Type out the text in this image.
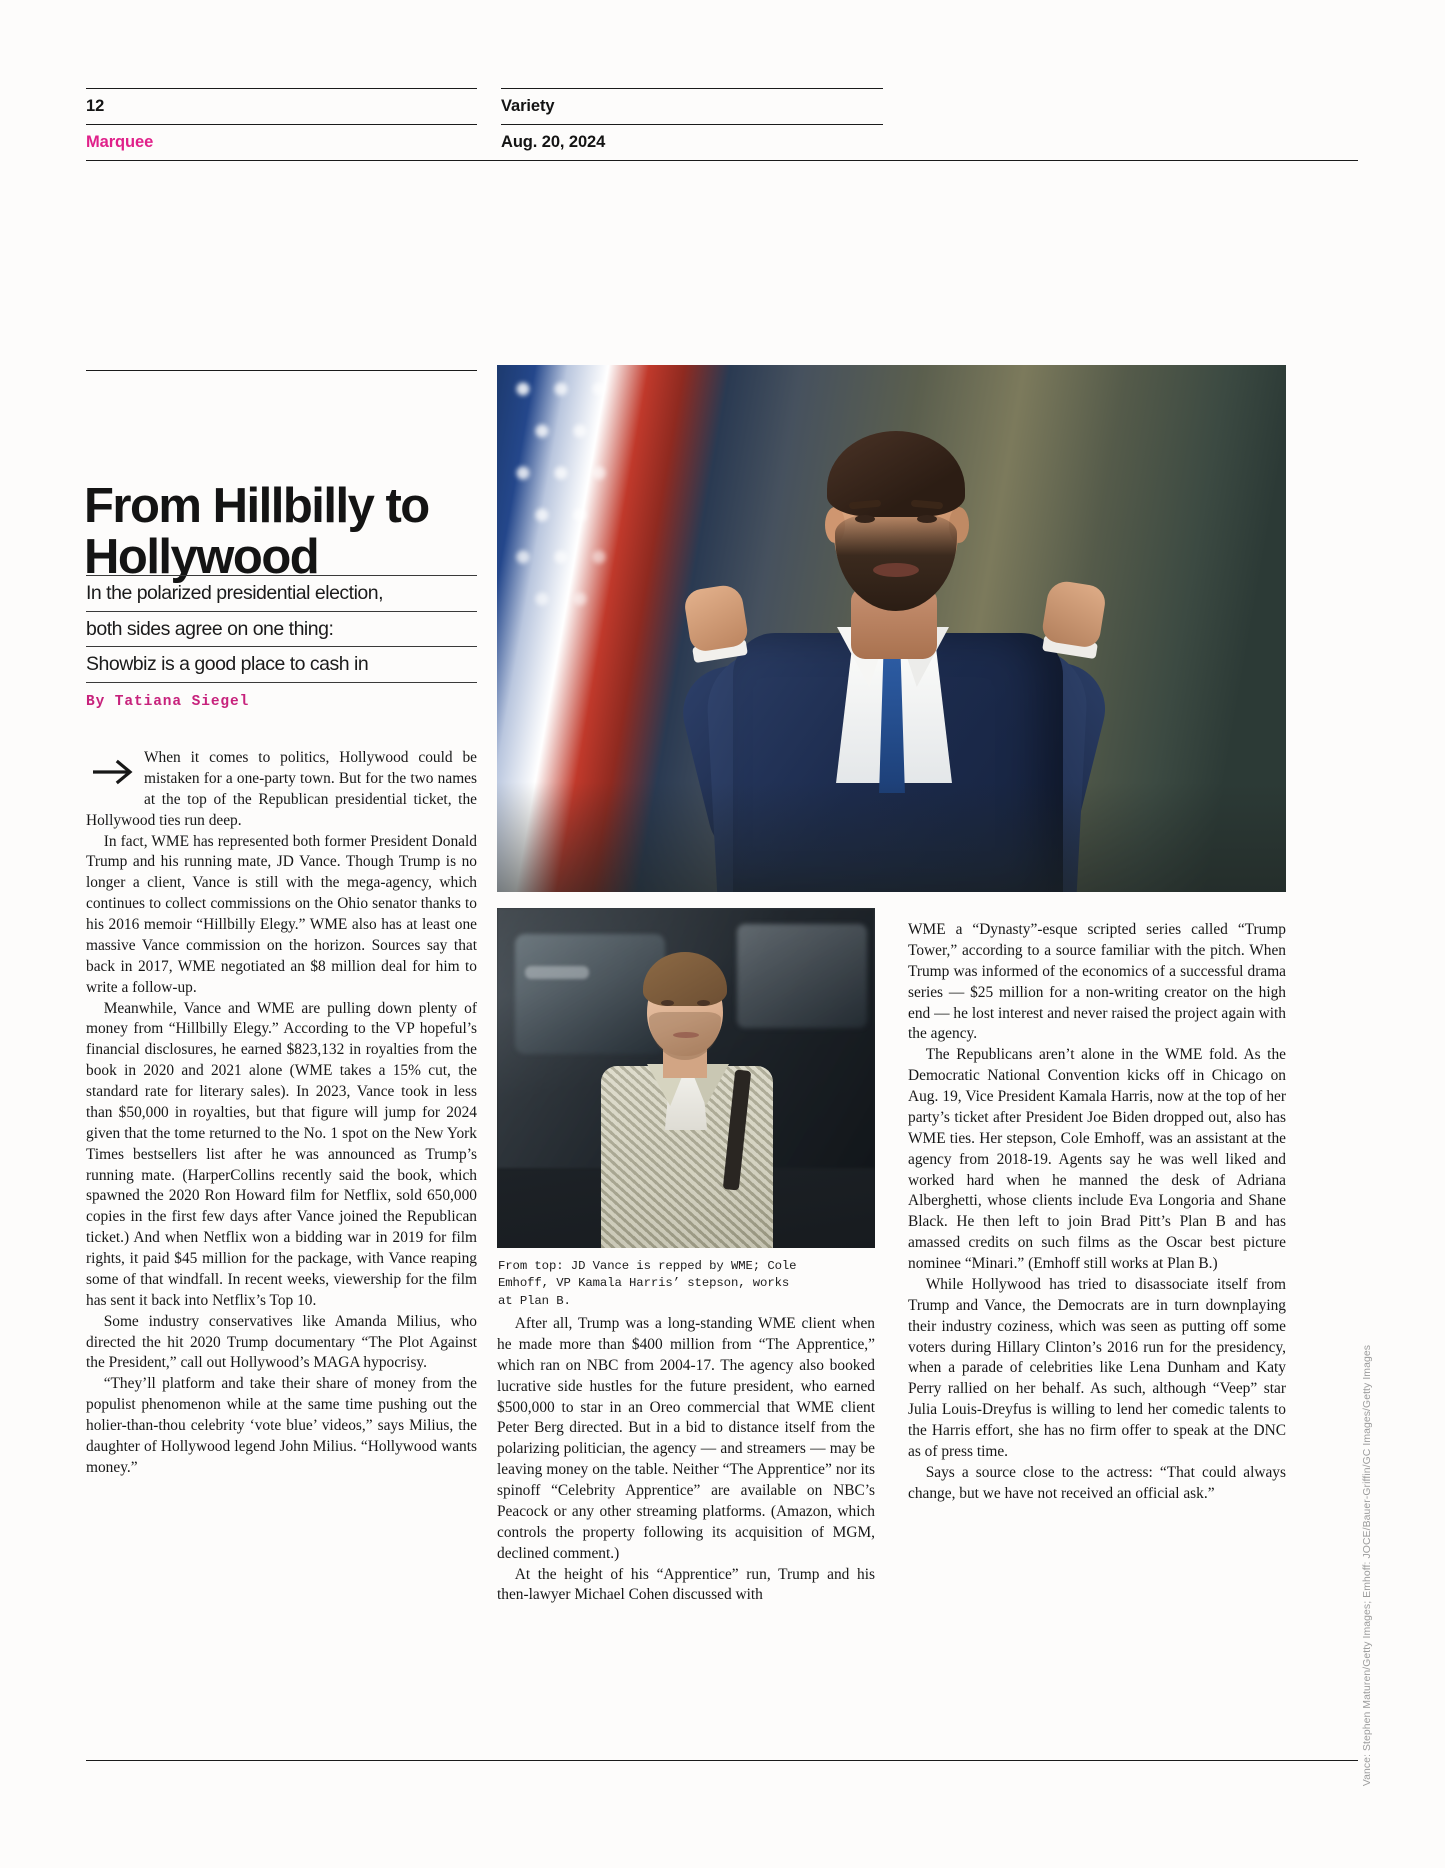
12	Variety
Marquee	Aug. 20, 2024
From Hillbilly to Hollywood
In the polarized presidential election,
both sides agree on one thing:
Showbiz is a good place to cash in
By Tatiana Siegel

When it comes to politics, Hollywood could be mistaken for a one-party town. But for the two names at the top of the Republican presidential ticket, the Hollywood ties run deep.

In fact, WME has represented both former President Donald Trump and his running mate, JD Vance. Though Trump is no longer a client, Vance is still with the mega-agency, which continues to collect commissions on the Ohio senator thanks to his 2016 memoir “Hillbilly Elegy.” WME also has at least one massive Vance commission on the horizon. Sources say that back in 2017, WME negotiated an $8 million deal for him to write a follow-up.

Meanwhile, Vance and WME are pulling down plenty of money from “Hillbilly Elegy.” According to the VP hopeful’s financial disclosures, he earned $823,132 in royalties from the book in 2020 and 2021 alone (WME takes a 15% cut, the standard rate for literary sales). In 2023, Vance took in less than $50,000 in royalties, but that figure will jump for 2024 given that the tome returned to the No. 1 spot on the New York Times bestsellers list after he was announced as Trump’s running mate. (HarperCollins recently said the book, which spawned the 2020 Ron Howard film for Netflix, sold 650,000 copies in the first few days after Vance joined the Republican ticket.) And when Netflix won a bidding war in 2019 for film rights, it paid $45 million for the package, with Vance reaping some of that windfall. In recent weeks, viewership for the film has sent it back into Netflix’s Top 10.

Some industry conservatives like Amanda Milius, who directed the hit 2020 Trump documentary “The Plot Against the President,” call out Hollywood’s MAGA hypocrisy.

“They’ll platform and take their share of money from the populist phenomenon while at the same time pushing out the holier-than-thou celebrity ‘vote blue’ videos,” says Milius, the daughter of Hollywood legend John Milius. “Hollywood wants money.”

From top: JD Vance is repped by WME; Cole Emhoff, VP Kamala Harris’ stepson, works at Plan B.

After all, Trump was a long-standing WME client when he made more than $400 million from “The Apprentice,” which ran on NBC from 2004-17. The agency also booked lucrative side hustles for the future president, who earned $500,000 to star in an Oreo commercial that WME client Peter Berg directed. But in a bid to distance itself from the polarizing politician, the agency — and streamers — may be leaving money on the table. Neither “The Apprentice” nor its spinoff “Celebrity Apprentice” are available on NBC’s Peacock or any other streaming platforms. (Amazon, which controls the property following its acquisition of MGM, declined comment.)

At the height of his “Apprentice” run, Trump and his then-lawyer Michael Cohen discussed with

WME a “Dynasty”-esque scripted series called “Trump Tower,” according to a source familiar with the pitch. When Trump was informed of the economics of a successful drama series — $25 million for a non-writing creator on the high end — he lost interest and never raised the project again with the agency.

The Republicans aren’t alone in the WME fold. As the Democratic National Convention kicks off in Chicago on Aug. 19, Vice President Kamala Harris, now at the top of her party’s ticket after President Joe Biden dropped out, also has WME ties. Her stepson, Cole Emhoff, was an assistant at the agency from 2018-19. Agents say he was well liked and worked hard when he manned the desk of Adriana Alberghetti, whose clients include Eva Longoria and Shane Black. He then left to join Brad Pitt’s Plan B and has amassed credits on such films as the Oscar best picture nominee “Minari.” (Emhoff still works at Plan B.)

While Hollywood has tried to disassociate itself from Trump and Vance, the Democrats are in turn downplaying their industry coziness, which was seen as putting off some voters during Hillary Clinton’s 2016 run for the presidency, when a parade of celebrities like Lena Dunham and Katy Perry rallied on her behalf. As such, although “Veep” star Julia Louis-Dreyfus is willing to lend her comedic talents to the Harris effort, she has no firm offer to speak at the DNC as of press time.

Says a source close to the actress: “That could always change, but we have not received an official ask.”	Vance: Stephen Maturen/Getty Images; Emhoff: JOCE/Bauer-Griffin/GC Images/Getty Images
